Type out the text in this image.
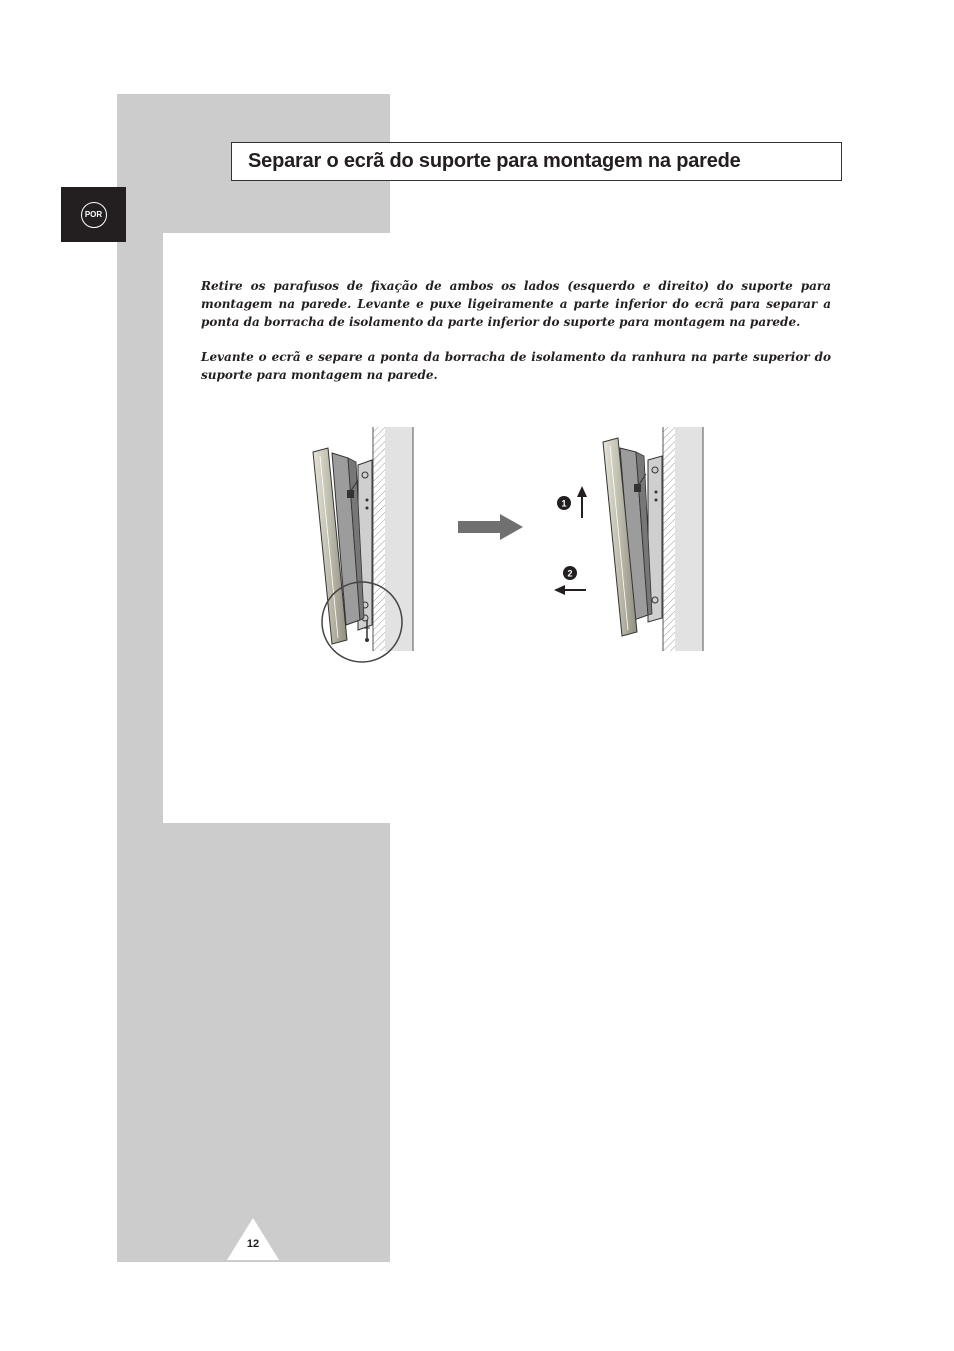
Separar o ecrã do suporte para montagem na parede
POR

Retire os parafusos de fixação de ambos os lados (esquerdo e direito) do suporte para montagem na parede. Levante e puxe ligeiramente a parte inferior do ecrã para separar a ponta da borracha de isolamento da parte inferior do suporte para montagem na parede.

Levante o ecrã e separe a ponta da borracha de isolamento da ranhura na parte superior do suporte para montagem na parede.

1
2
12
